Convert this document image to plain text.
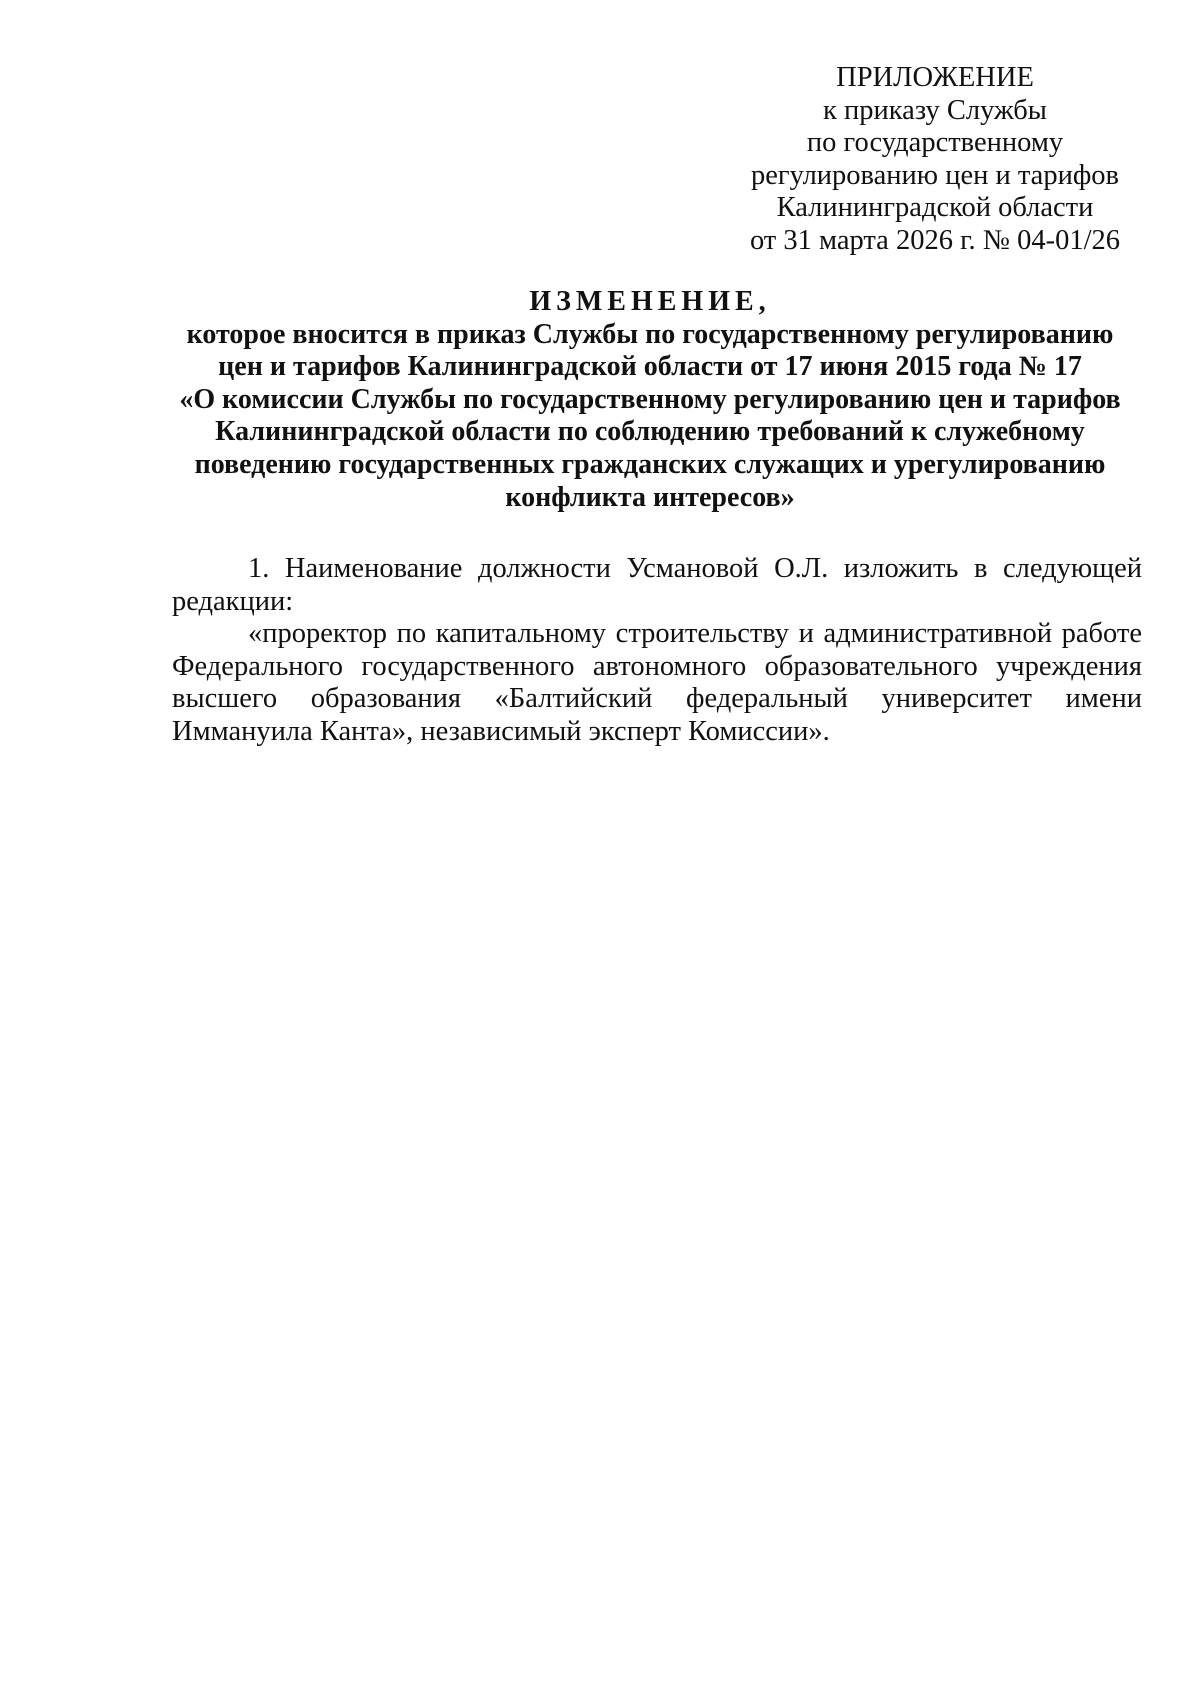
ПРИЛОЖЕНИЕ
к приказу Службы
по государственному
регулированию цен и тарифов
Калининградской области
от 31 марта 2026 г. № 04-01/26
ИЗМЕНЕНИЕ,
которое вносится в приказ Службы по государственному регулированию
цен и тарифов Калининградской области от 17 июня 2015 года № 17
«О комиссии Службы по государственному регулированию цен и тарифов
Калининградской области по соблюдению требований к служебному
поведению государственных гражданских служащих и урегулированию
конфликта интересов»

1. Наименование должности Усмановой О.Л. изложить в следующей редакции:

«проректор по капитальному строительству и административной работе Федерального государственного автономного образовательного учреждения высшего образования «Балтийский федеральный университет имени Иммануила Канта», независимый эксперт Комиссии».
